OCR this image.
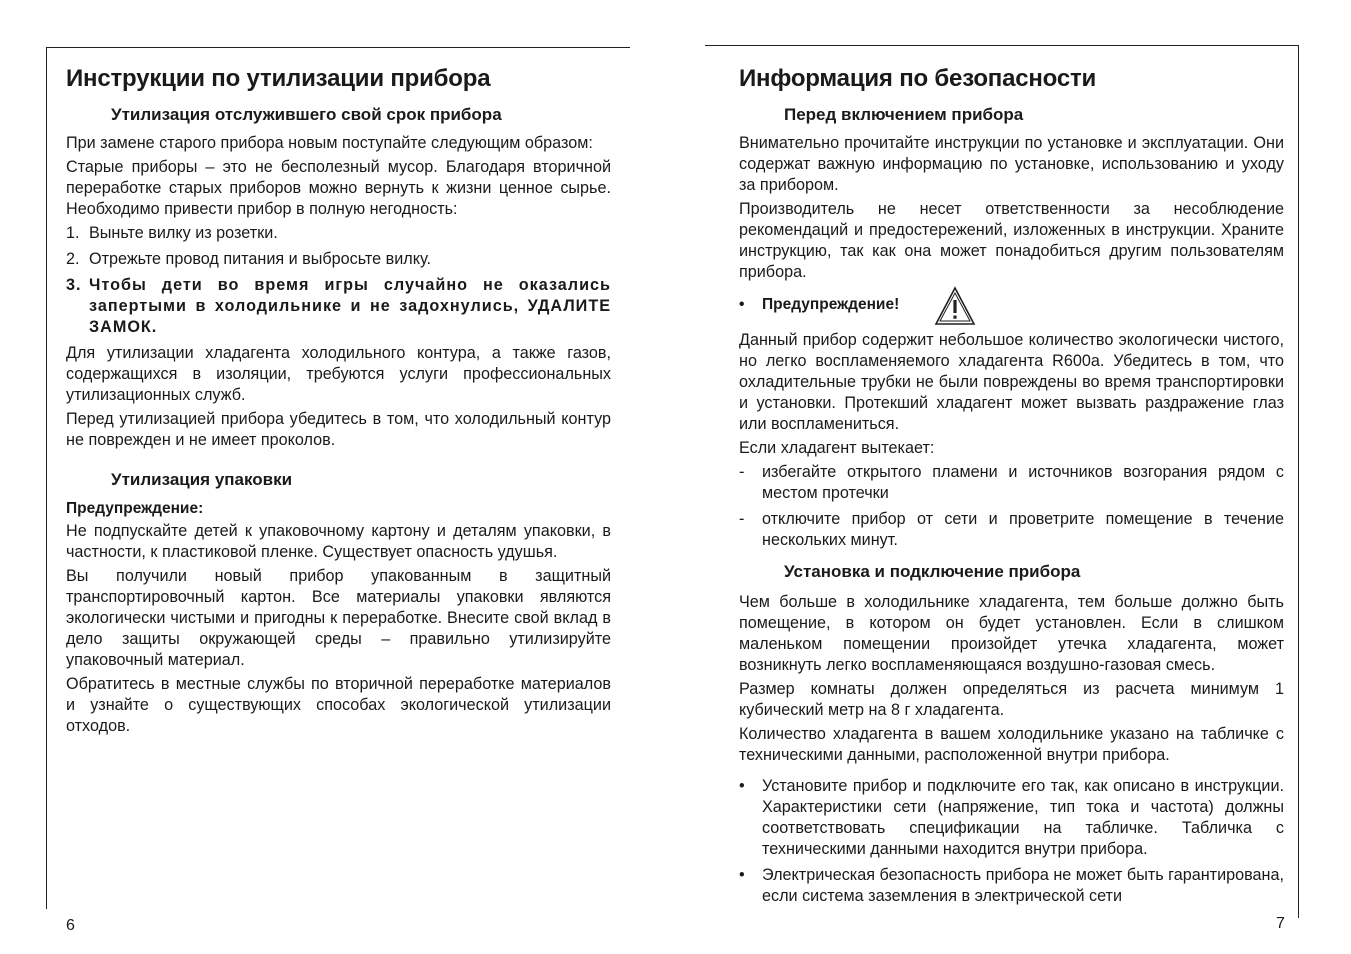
Инструкции по утилизации прибора
Утилизация отслужившего свой срок прибора

При замене старого прибора новым поступайте следующим образом:

Старые приборы – это не бесполезный мусор. Благодаря вторичной переработке старых приборов можно вернуть к жизни ценное сырье. Необходимо привести прибор в полную негодность:

1. Выньте вилку из розетки.
2. Отрежьте провод питания и выбросьте вилку.
3. Чтобы дети во время игры случайно не оказались запертыми в холодильнике и не задохнулись, УДАЛИТЕ ЗАМОК.

Для утилизации хладагента холодильного контура, а также газов, содержащихся в изоляции, требуются услуги профессиональных утилизационных служб.

Перед утилизацией прибора убедитесь в том, что холодильный контур не поврежден и не имеет проколов.

Утилизация упаковки
Предупреждение:

Не подпускайте детей к упаковочному картону и деталям упаковки, в частности, к пластиковой пленке. Существует опасность удушья.

Вы получили новый прибор упакованным в защитный транспортировочный картон. Все материалы упаковки являются экологически чистыми и пригодны к переработке. Внесите свой вклад в дело защиты окружающей среды – правильно утилизируйте упаковочный материал.

Обратитесь в местные службы по вторичной переработке материалов и узнайте о существующих способах экологической утилизации отходов.

6
Информация по безопасности
Перед включением прибора

Внимательно прочитайте инструкции по установке и эксплуатации. Они содержат важную информацию по установке, использованию и уходу за прибором.

Производитель не несет ответственности за несоблюдение рекомендаций и предостережений, изложенных в инструкции. Храните инструкцию, так как она может понадобиться другим пользователям прибора.

• Предупреждение!

Данный прибор содержит небольшое количество экологически чистого, но легко воспламеняемого хладагента R600a. Убедитесь в том, что охладительные трубки не были повреждены во время транспортировки и установки. Протекший хладагент может вызвать раздражение глаз или воспламениться.

Если хладагент вытекает:

- избегайте открытого пламени и источников возгорания рядом с местом протечки
- отключите прибор от сети и проветрите помещение в течение нескольких минут.
Установка и подключение прибора

Чем больше в холодильнике хладагента, тем больше должно быть помещение, в котором он будет установлен. Если в слишком маленьком помещении произойдет утечка хладагента, может возникнуть легко воспламеняющаяся воздушно-газовая смесь.

Размер комнаты должен определяться из расчета минимум 1 кубический метр на 8 г хладагента.

Количество хладагента в вашем холодильнике указано на табличке с техническими данными, расположенной внутри прибора.

• Установите прибор и подключите его так, как описано в инструкции. Характеристики сети (напряжение, тип тока и частота) должны соответствовать спецификации на табличке. Табличка с техническими данными находится внутри прибора.
• Электрическая безопасность прибора не может быть гарантирована, если система заземления в электрической сети
7
